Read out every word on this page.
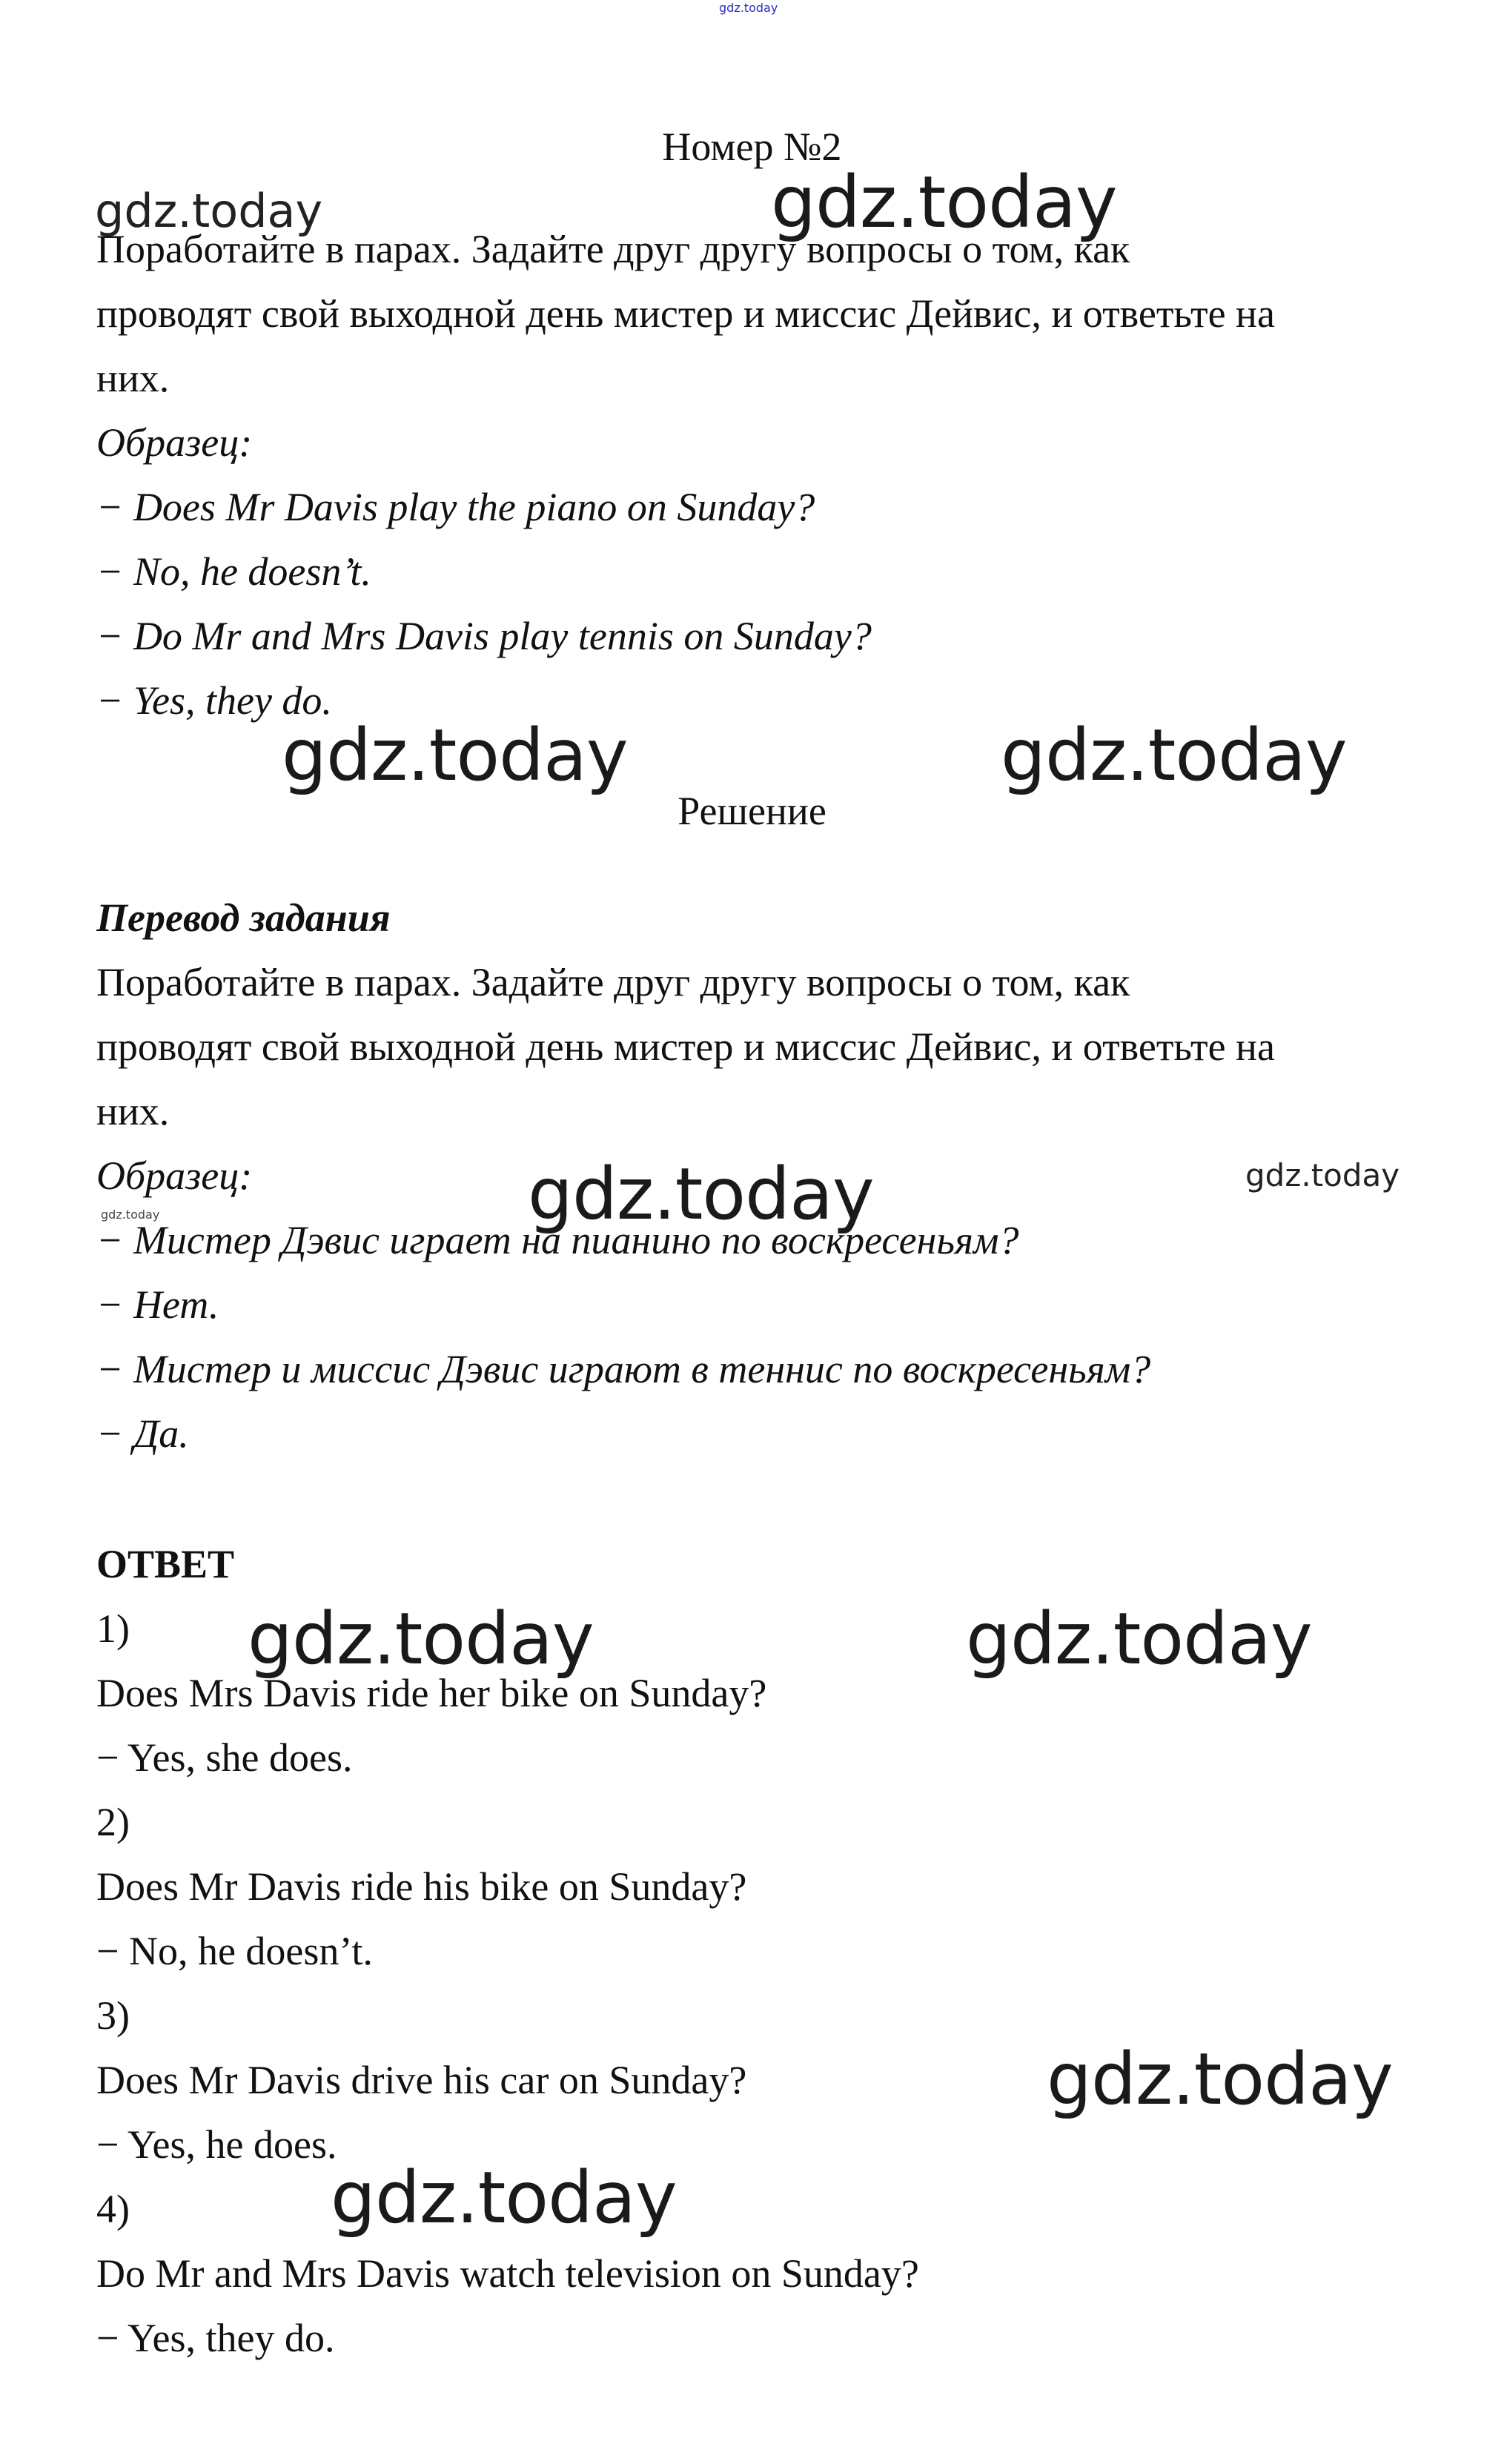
gdz.today
Номер №2
Поработайте в парах. Задайте друг другу вопросы о том, как
проводят свой выходной день мистер и миссис Дейвис, и ответьте на
них.
Образец:
− Does Mr Davis play the piano on Sunday?
− No, he doesn’t.
− Do Mr and Mrs Davis play tennis on Sunday?
− Yes, they do.
Решение
Перевод задания
Поработайте в парах. Задайте друг другу вопросы о том, как
проводят свой выходной день мистер и миссис Дейвис, и ответьте на
них.
Образец:
− Мистер Дэвис играет на пианино по воскресеньям?
− Нет.
− Мистер и миссис Дэвис играют в теннис по воскресеньям?
− Да.
ОТВЕТ
1)
Does Mrs Davis ride her bike on Sunday?
− Yes, she does.
2)
Does Mr Davis ride his bike on Sunday?
− No, he doesn’t.
3)
Does Mr Davis drive his car on Sunday?
− Yes, he does.
4)
Do Mr and Mrs Davis watch television on Sunday?
− Yes, they do.
gdz.today	gdz.today
gdz.today	gdz.today
gdz.today	gdz.today
gdz.today
gdz.today	gdz.today
gdz.today
gdz.today
